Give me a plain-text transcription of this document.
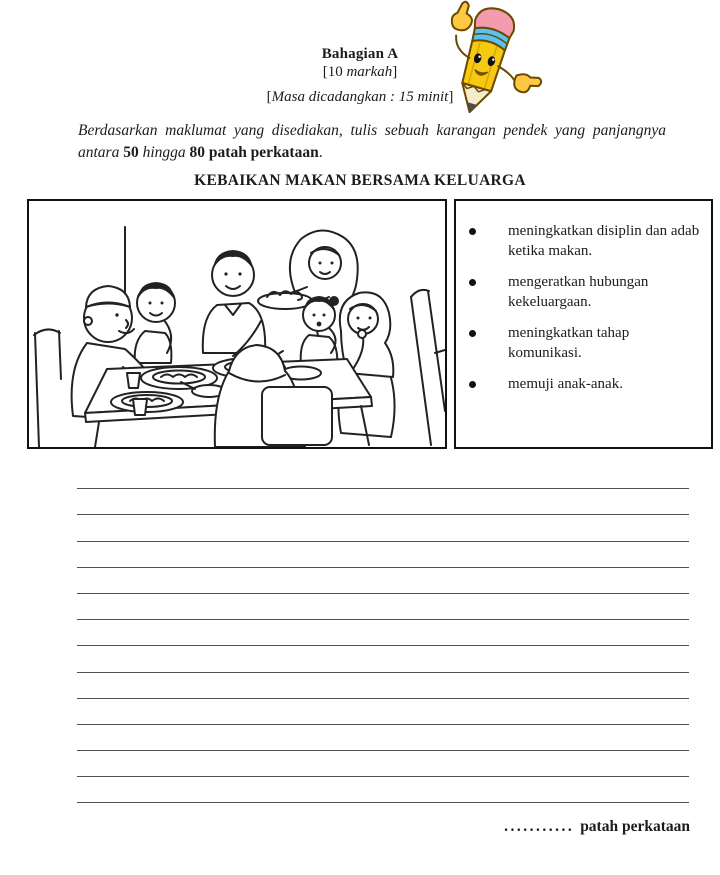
Bahagian A
[10 markah]
[Masa dicadangkan : 15 minit]

Berdasarkan maklumat yang disediakan, tulis sebuah karangan pendek yang panjangnya antara 50 hingga 80 patah perkataan.

KEBAIKAN MAKAN BERSAMA KELUARGA
meningkatkan disiplin dan adab ketika makan.
mengeratkan hubungan kekeluargaan.
meningkatkan tahap komunikasi.
memuji anak-anak.
........... patah perkataan
